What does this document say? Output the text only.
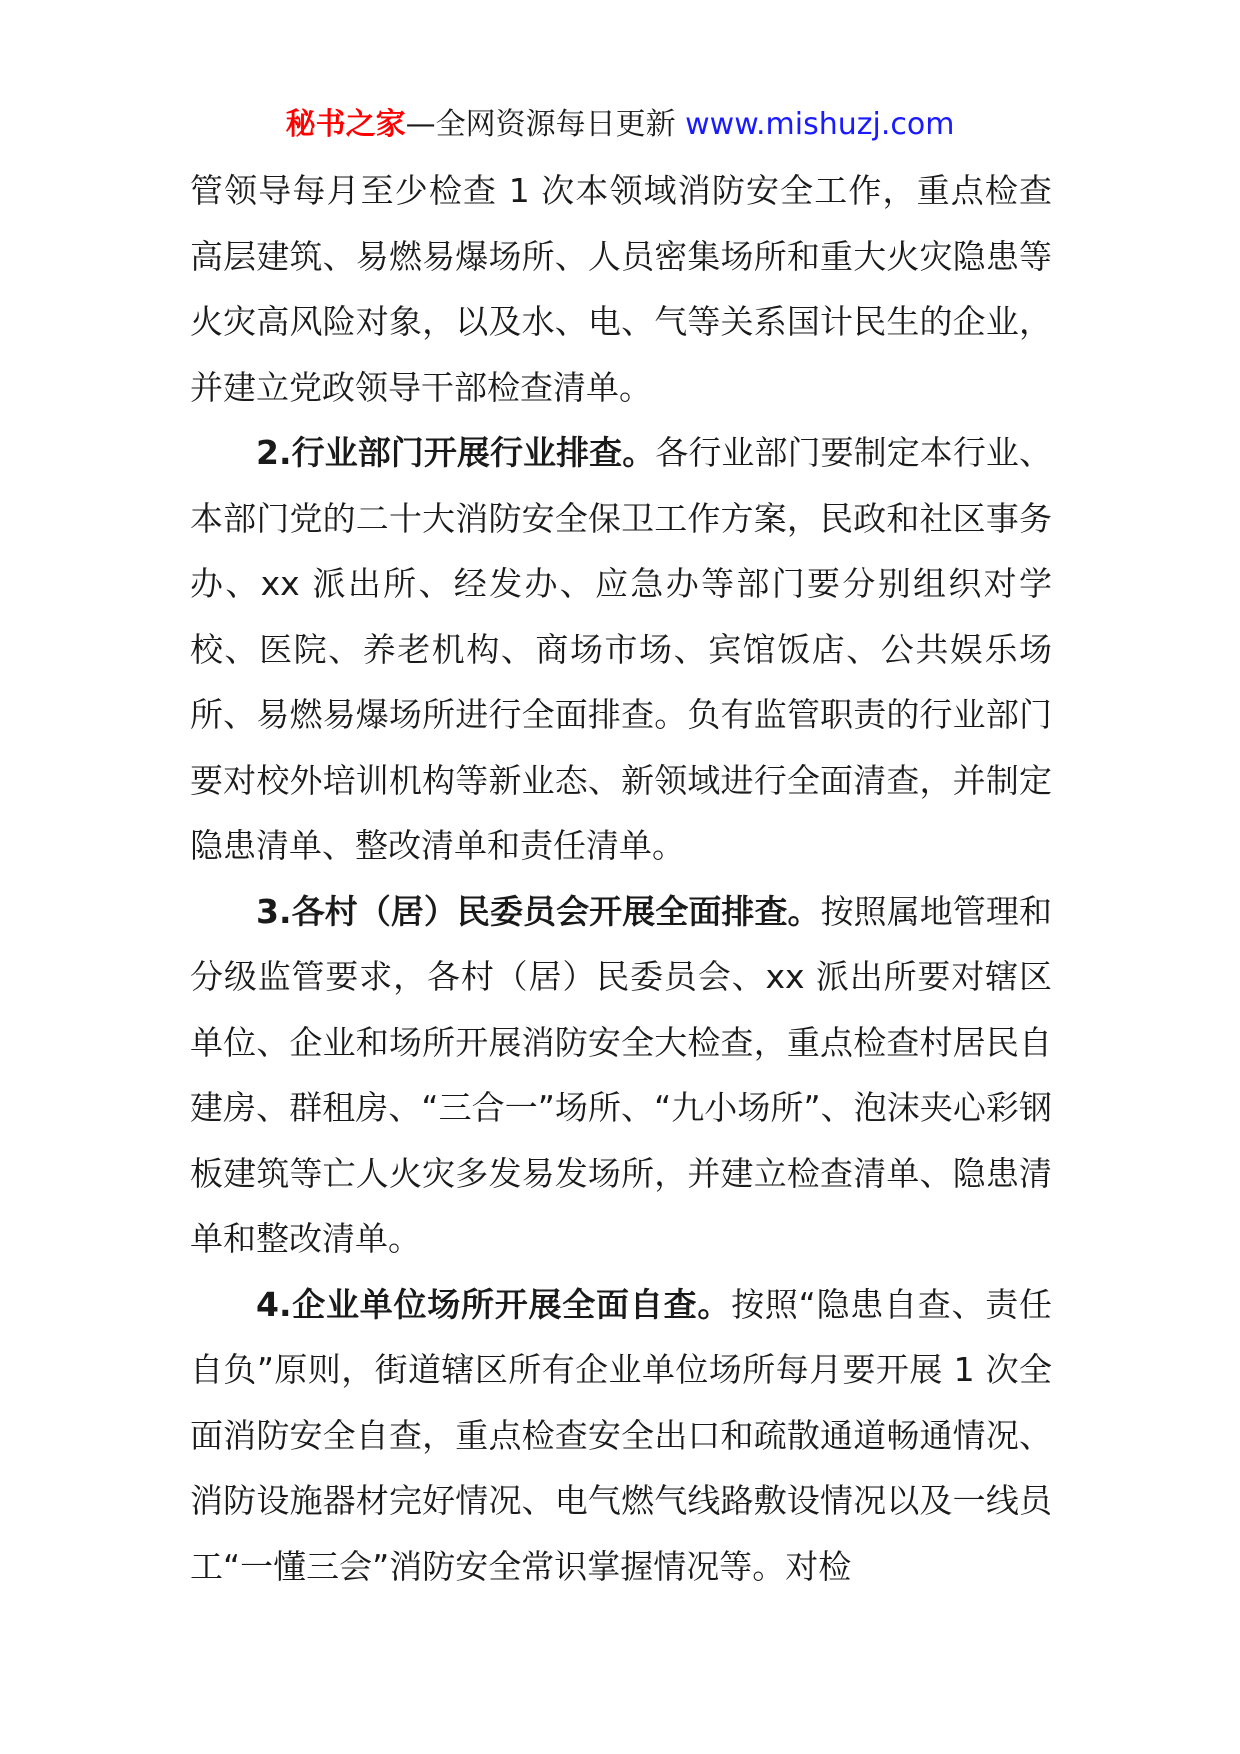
秘书之家—全网资源每日更新 www.mishuzj.com

管领导每月至少检查 1 次本领域消防安全工作，重点检查高层建筑、易燃易爆场所、人员密集场所和重大火灾隐患等火灾高风险对象，以及水、电、气等关系国计民生的企业，并建立党政领导干部检查清单。

2.行业部门开展行业排查。各行业部门要制定本行业、本部门党的二十大消防安全保卫工作方案，民政和社区事务办、xx 派出所、经发办、应急办等部门要分别组织对学校、医院、养老机构、商场市场、宾馆饭店、公共娱乐场所、易燃易爆场所进行全面排查。负有监管职责的行业部门要对校外培训机构等新业态、新领域进行全面清查，并制定隐患清单、整改清单和责任清单。

3.各村（居）民委员会开展全面排查。按照属地管理和分级监管要求，各村（居）民委员会、xx 派出所要对辖区单位、企业和场所开展消防安全大检查，重点检查村居民自建房、群租房、“三合一”场所、“九小场所”、泡沫夹心彩钢板建筑等亡人火灾多发易发场所，并建立检查清单、隐患清单和整改清单。

4.企业单位场所开展全面自查。按照“隐患自查、责任自负”原则，街道辖区所有企业单位场所每月要开展 1 次全面消防安全自查，重点检查安全出口和疏散通道畅通情况、消防设施器材完好情况、电气燃气线路敷设情况以及一线员工“一懂三会”消防安全常识掌握情况等。对检
